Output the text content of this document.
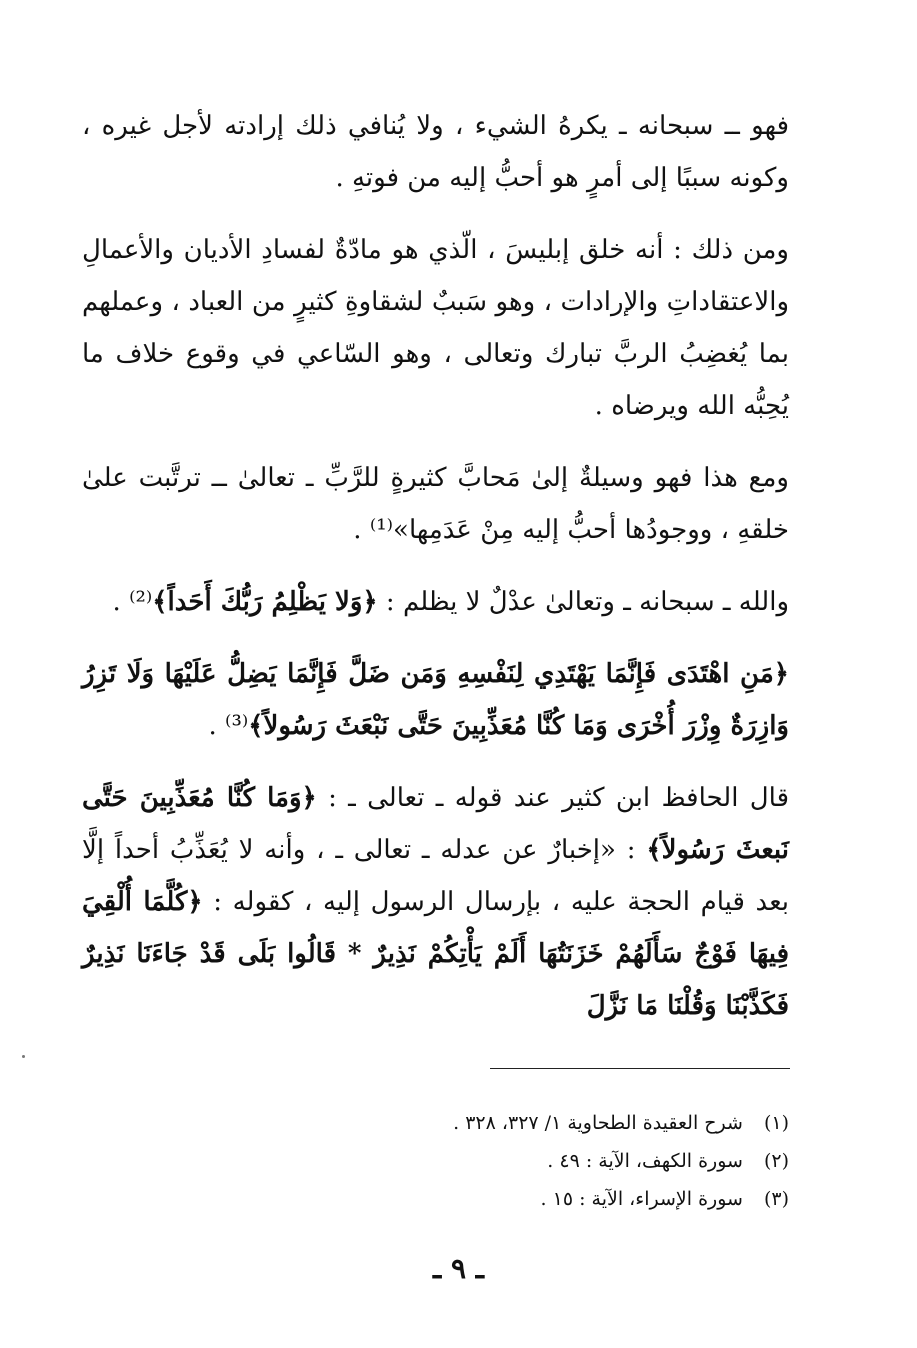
فهو ــ سبحانه ـ يكرهُ الشيء ، ولا يُنافي ذلك إرادته لأجل غيره ، وكونه سببًا إلى أمرٍ هو أحبُّ إليه من فوتهِ .

ومن ذلك : أنه خلق إبليسَ ، الّذي هو مادّةٌ لفسادِ الأديان والأعمالِ والاعتقاداتِ والإرادات ، وهو سَببٌ لشقاوةِ كثيرٍ من العباد ، وعملهم بما يُغضِبُ الربَّ تبارك وتعالى ، وهو السّاعي في وقوع خلاف ما يُحِبُّه الله ويرضاه .

ومع هذا فهو وسيلةٌ إلىٰ مَحابَّ كثيرةٍ للرَّبِّ ـ تعالىٰ ــ ترتَّبت علىٰ خلقهِ ، ووجودُها أحبُّ إليه مِنْ عَدَمِها»⁽¹⁾ .

والله ـ سبحانه ـ وتعالىٰ عدْلٌ لا يظلم : ﴿وَلا يَظْلِمُ رَبُّكَ أَحَداً﴾⁽²⁾ .

﴿مَنِ اهْتَدَى فَإِنَّمَا يَهْتَدِي لِنَفْسِهِ وَمَن ضَلَّ فَإِنَّمَا يَضِلُّ عَلَيْهَا وَلَا تَزِرُ وَازِرَةٌ وِزْرَ أُخْرَى وَمَا كُنَّا مُعَذِّبِينَ حَتَّى نَبْعَثَ رَسُولاً﴾⁽³⁾ .

قال الحافظ ابن كثير عند قوله ـ تعالى ـ : ﴿وَمَا كُنَّا مُعَذِّبِينَ حَتَّى نَبعثَ رَسُولاً﴾ : «إخبارٌ عن عدله ـ تعالى ـ ، وأنه لا يُعَذِّبُ أحداً إلَّا بعد قيام الحجة عليه ، بإرسال الرسول إليه ، كقوله : ﴿كُلَّمَا أُلْقِيَ فِيهَا فَوْجٌ سَأَلَهُمْ خَزَنَتُهَا أَلَمْ يَأْتِكُمْ نَذِيرٌ * قَالُوا بَلَى قَدْ جَاءَنَا نَذِيرٌ فَكَذَّبْنَا وَقُلْنَا مَا نَزَّلَ

(١) شرح العقيدة الطحاوية ١/ ٣٢٧، ٣٢٨ .
(٢) سورة الكهف، الآية : ٤٩ .
(٣) سورة الإسراء، الآية : ١٥ .
ـ ٩ ـ
